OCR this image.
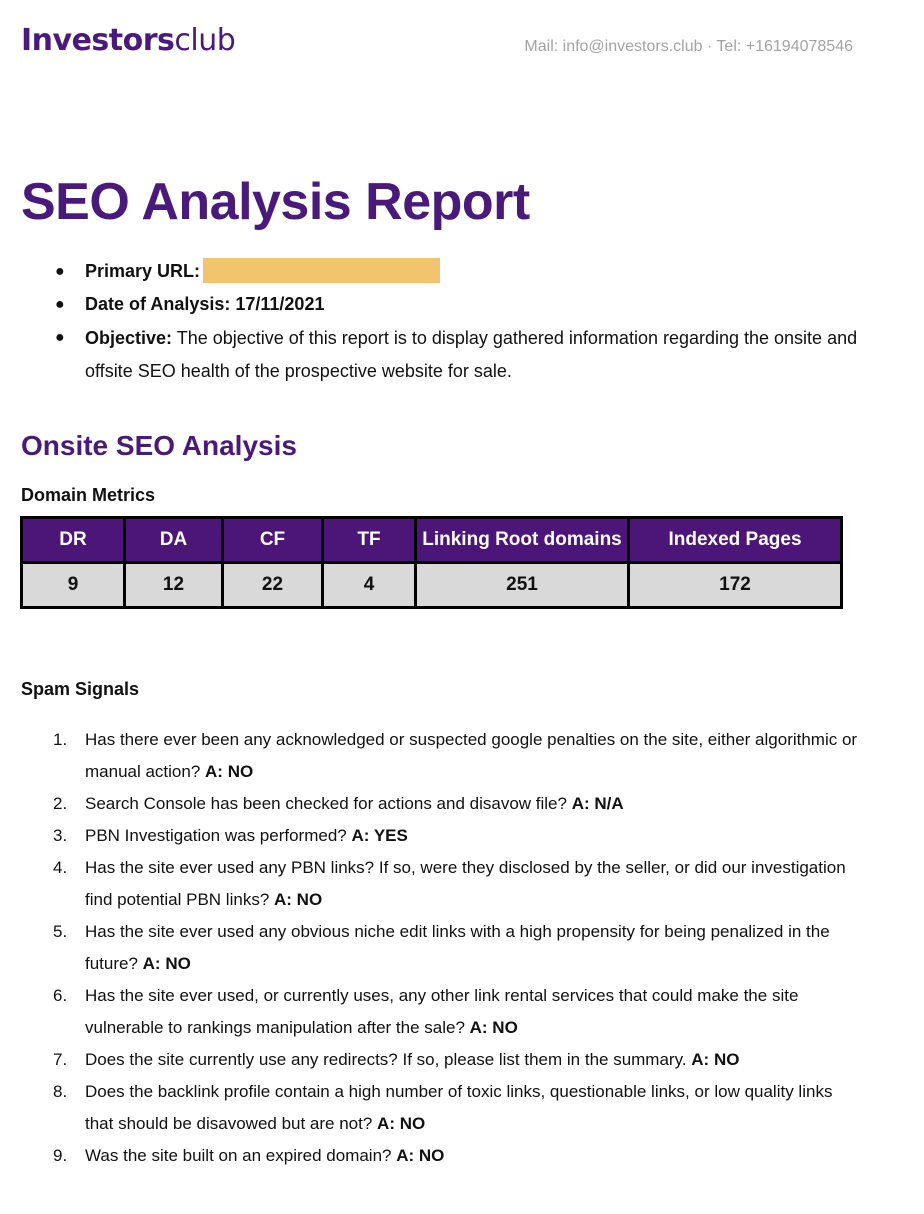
Investorsclub	Mail: info@investors.club · Tel: +16194078546
SEO Analysis Report
● Primary URL:
● Date of Analysis: 17/11/2021
● Objective: The objective of this report is to display gathered information regarding the onsite and offsite SEO health of the prospective website for sale.
Onsite SEO Analysis
Domain Metrics
DR	DA	CF	TF	Linking Root domains	Indexed Pages
9	12	22	4	251	172
Spam Signals
1. Has there ever been any acknowledged or suspected google penalties on the site, either algorithmic or manual action? A: NO
2. Search Console has been checked for actions and disavow file? A: N/A
3. PBN Investigation was performed? A: YES
4. Has the site ever used any PBN links? If so, were they disclosed by the seller, or did our investigation find potential PBN links? A: NO
5. Has the site ever used any obvious niche edit links with a high propensity for being penalized in the future? A: NO
6. Has the site ever used, or currently uses, any other link rental services that could make the site vulnerable to rankings manipulation after the sale? A: NO
7. Does the site currently use any redirects? If so, please list them in the summary. A: NO
8. Does the backlink profile contain a high number of toxic links, questionable links, or low quality links that should be disavowed but are not? A: NO
9. Was the site built on an expired domain? A: NO
